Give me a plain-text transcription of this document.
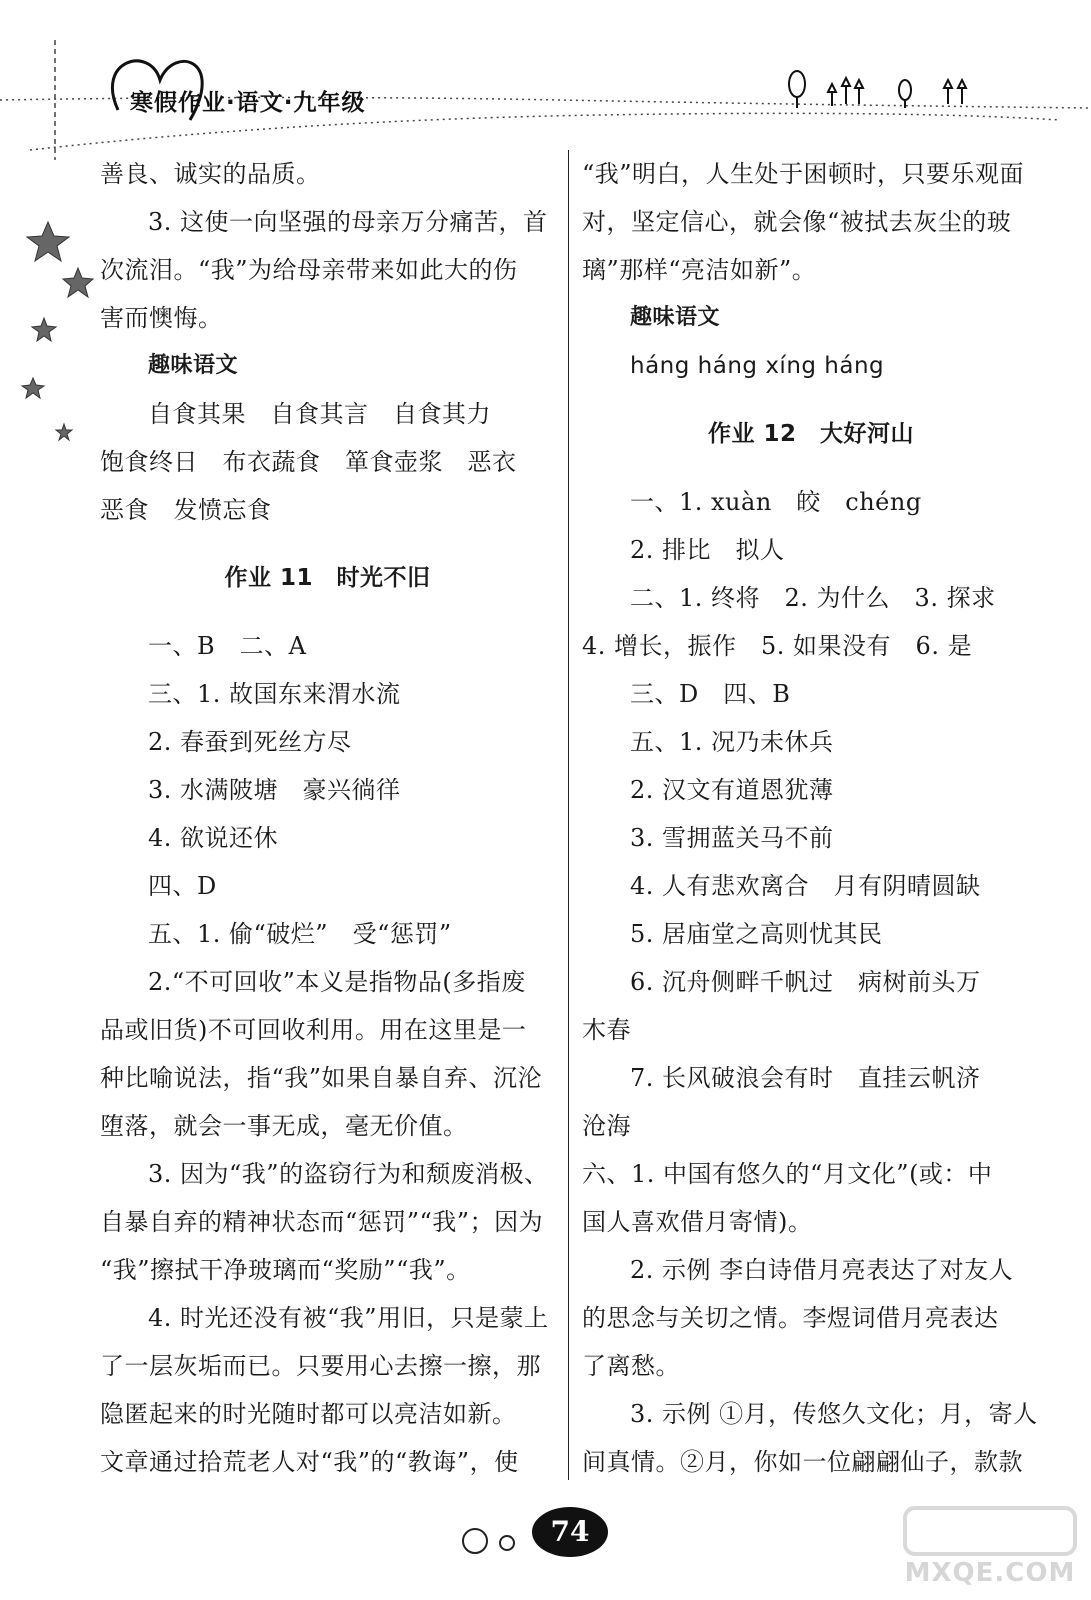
寒假作业·语文·九年级
善良、诚实的品质。
3. 这使一向坚强的母亲万分痛苦，首
次流泪。“我”为给母亲带来如此大的伤
害而懊悔。
趣味语文
自食其果　自食其言　自食其力
饱食终日　布衣蔬食　箪食壶浆　恶衣
恶食　发愤忘食
作业 11　时光不旧
一、B　二、A
三、1. 故国东来渭水流
2. 春蚕到死丝方尽
3. 水满陂塘　豪兴徜徉
4. 欲说还休
四、D
五、1. 偷“破烂”　受“惩罚”
2.“不可回收”本义是指物品(多指废
品或旧货)不可回收利用。用在这里是一
种比喻说法，指“我”如果自暴自弃、沉沦
堕落，就会一事无成，毫无价值。
3. 因为“我”的盗窃行为和颓废消极、
自暴自弃的精神状态而“惩罚”“我”；因为
“我”擦拭干净玻璃而“奖励”“我”。
4. 时光还没有被“我”用旧，只是蒙上
了一层灰垢而已。只要用心去擦一擦，那
隐匿起来的时光随时都可以亮洁如新。
文章通过拾荒老人对“我”的“教诲”，使
“我”明白，人生处于困顿时，只要乐观面
对，坚定信心，就会像“被拭去灰尘的玻
璃”那样“亮洁如新”。
趣味语文
háng háng xíng háng
作业 12　大好河山
一、1. xuàn　皎　chéng
2. 排比　拟人
二、1. 终将　2. 为什么　3. 探求
4. 增长，振作　5. 如果没有　6. 是
三、D　四、B
五、1. 况乃未休兵
2. 汉文有道恩犹薄
3. 雪拥蓝关马不前
4. 人有悲欢离合　月有阴晴圆缺
5. 居庙堂之高则忧其民
6. 沉舟侧畔千帆过　病树前头万
木春
7. 长风破浪会有时　直挂云帆济
沧海
六、1. 中国有悠久的“月文化”(或：中
国人喜欢借月寄情)。
2. 示例 李白诗借月亮表达了对友人
的思念与关切之情。李煜词借月亮表达
了离愁。
3. 示例 ①月，传悠久文化；月，寄人
间真情。②月，你如一位翩翩仙子，款款
74
MXQE.COM
